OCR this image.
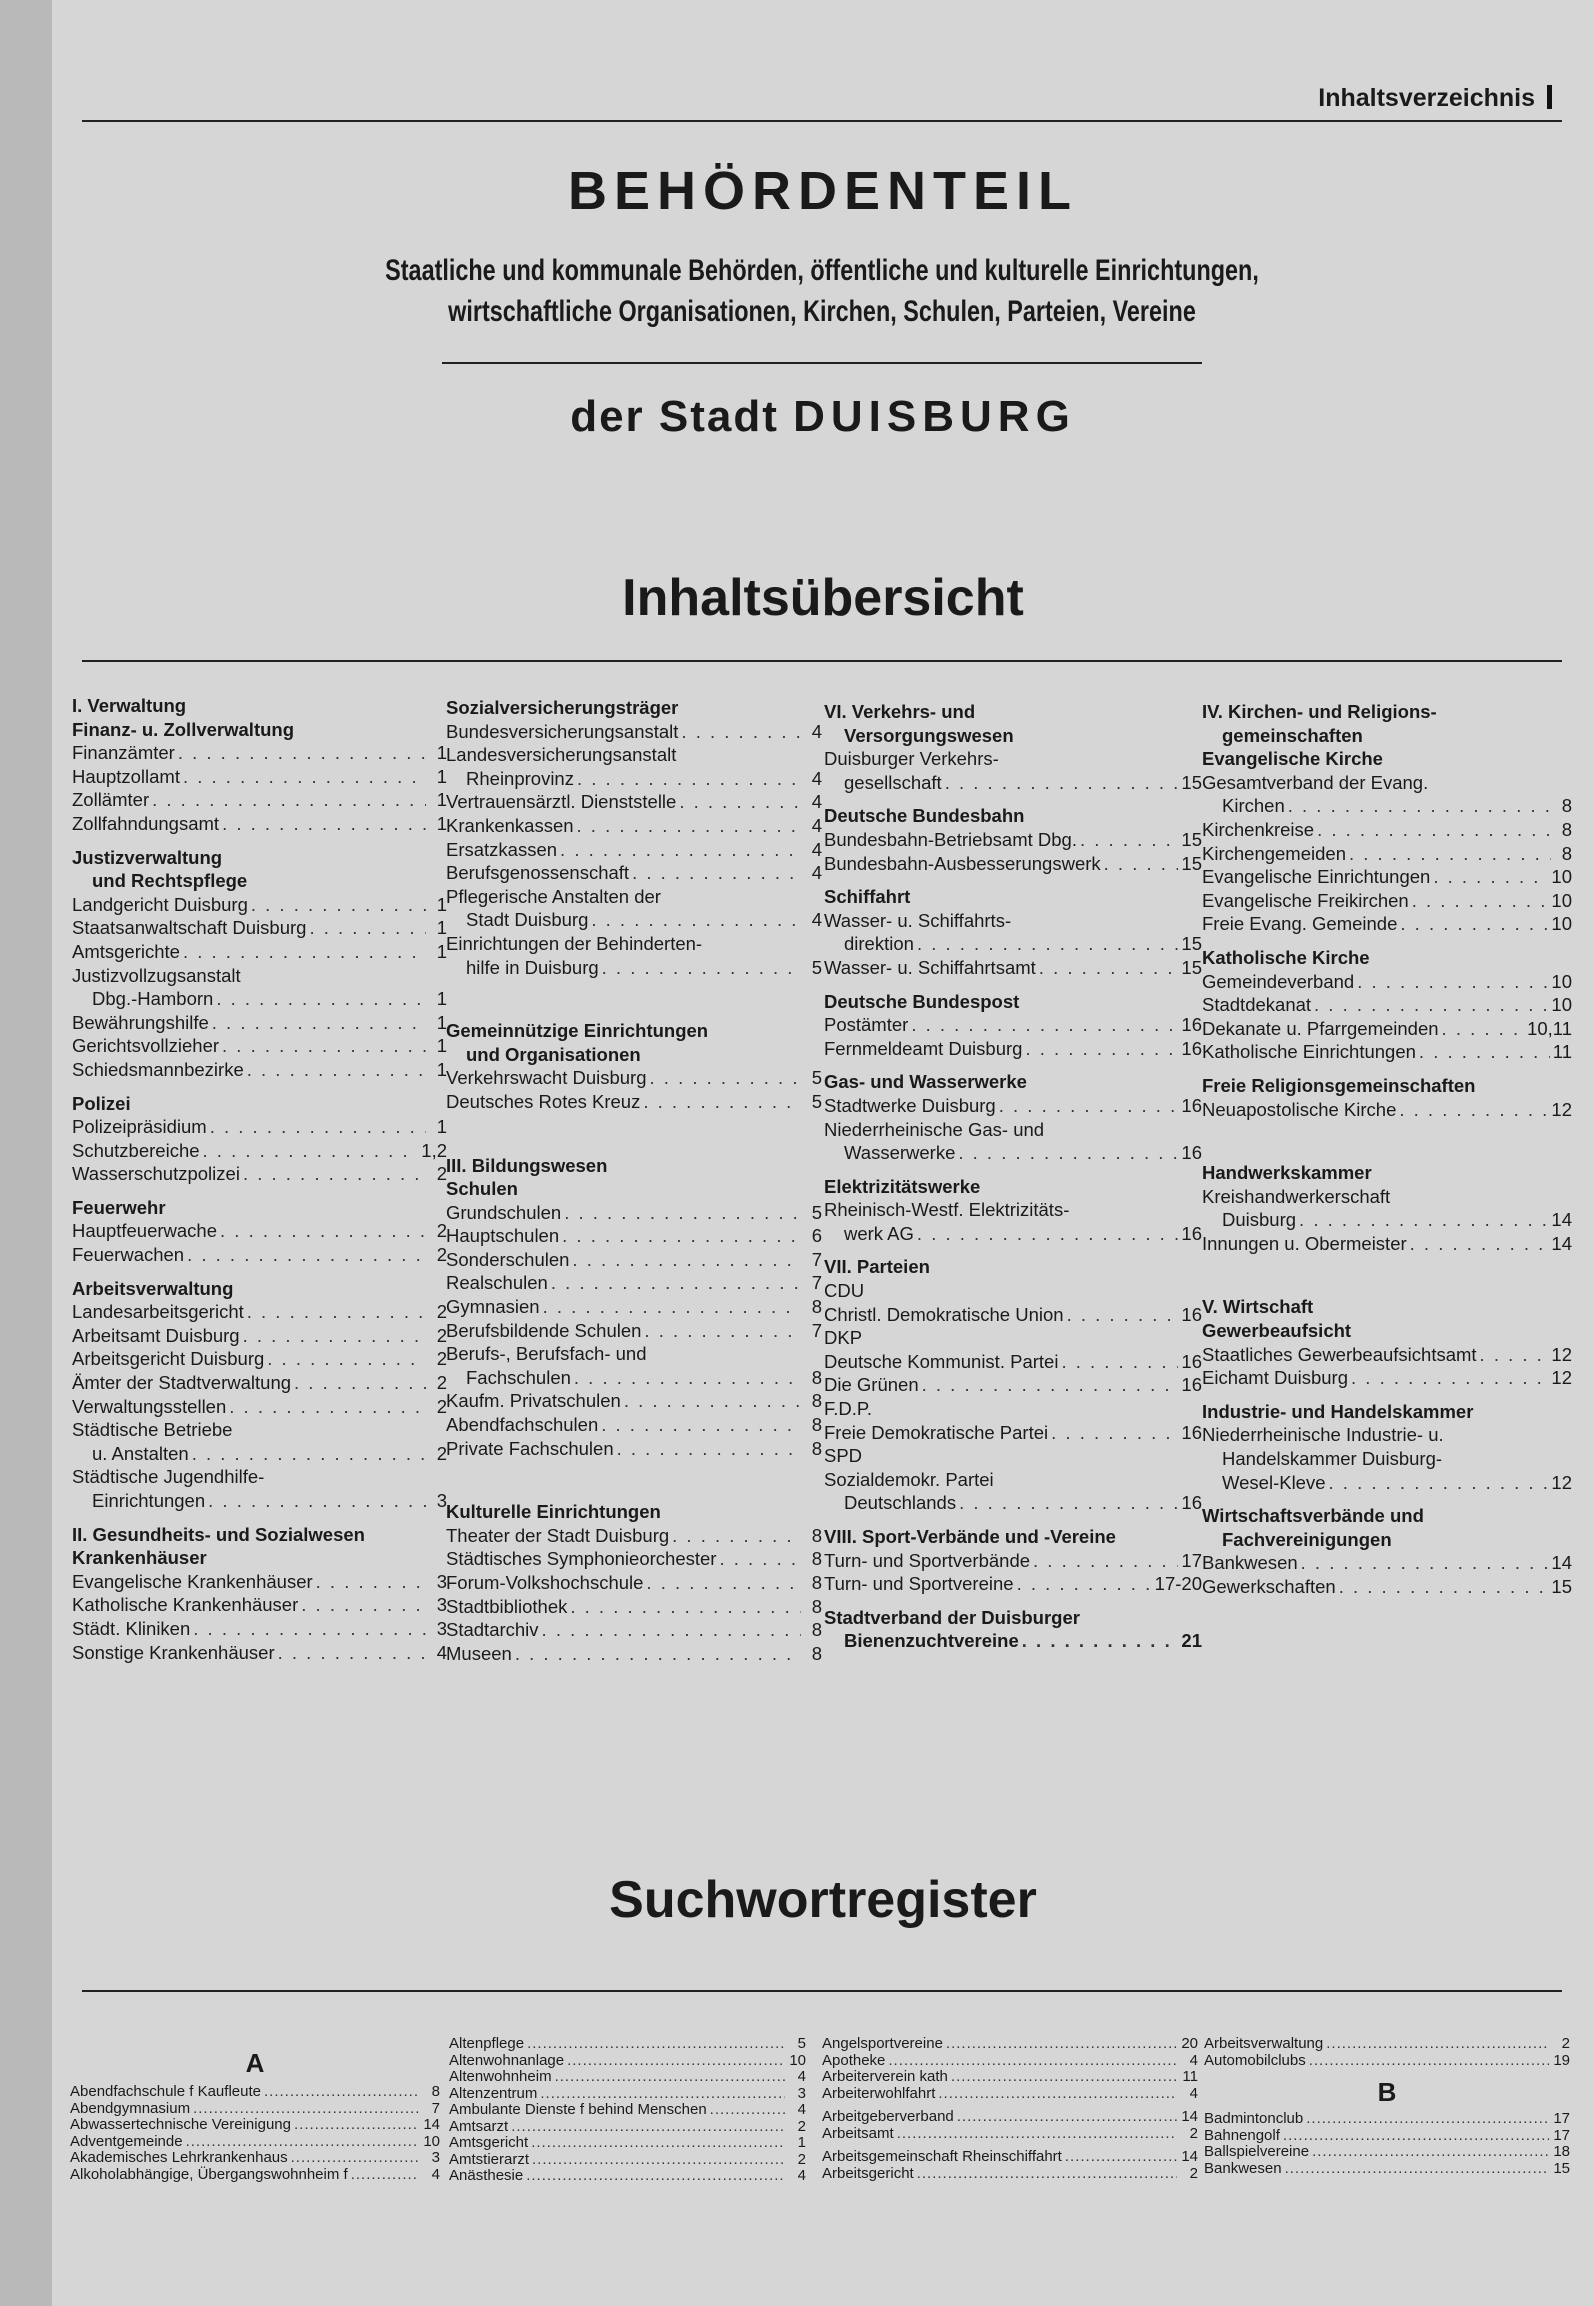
Inhaltsverzeichnis
BEHÖRDENTEIL
Staatliche und kommunale Behörden, öffentliche und kulturelle Einrichtungen,
wirtschaftliche Organisationen, Kirchen, Schulen, Parteien, Vereine
der Stadt DUISBURG
Inhaltsübersicht
I. Verwaltung
Finanz- u. Zollverwaltung
Finanzämter . . .	1
Hauptzollamt . . .	1
Zollämter . . .	1
Zollfahndungsamt . . .	1
Justizverwaltung
und Rechtspflege
Landgericht Duisburg . . .	1
Staatsanwaltschaft Duisburg . . .	1
Amtsgerichte . . .	1
Justizvollzugsanstalt
Dbg.-Hamborn . . .	1
Bewährungshilfe . . .	1
Gerichtsvollzieher . . .	1
Schiedsmannbezirke . . .	1
Polizei
Polizeipräsidium . . .	1
Schutzbereiche . . .	1,2
Wasserschutzpolizei . . .	2
Feuerwehr
Hauptfeuerwache . . .	2
Feuerwachen . . .	2
Arbeitsverwaltung
Landesarbeitsgericht . . .	2
Arbeitsamt Duisburg . . .	2
Arbeitsgericht Duisburg . . .	2
Ämter der Stadtverwaltung . . .	2
Verwaltungsstellen . . .	2
Städtische Betriebe
u. Anstalten . . .	2
Städtische Jugendhilfe-
Einrichtungen . . .	3
II. Gesundheits- und Sozialwesen
Krankenhäuser
Evangelische Krankenhäuser . . .	3
Katholische Krankenhäuser . . .	3
Städt. Kliniken . . .	3
Sonstige Krankenhäuser . . .	4
Sozialversicherungsträger
Bundesversicherungsanstalt . . .	4
Landesversicherungsanstalt
Rheinprovinz . . .	4
Vertrauensärztl. Dienststelle . . .	4
Krankenkassen . . .	4
Ersatzkassen . . .	4
Berufsgenossenschaft . . .	4
Pflegerische Anstalten der
Stadt Duisburg . . .	4
Einrichtungen der Behinderten-
hilfe in Duisburg . . .	5
Gemeinnützige Einrichtungen
und Organisationen
Verkehrswacht Duisburg . . .	5
Deutsches Rotes Kreuz . . .	5
III. Bildungswesen
Schulen
Grundschulen . . .	5
Hauptschulen . . .	6
Sonderschulen . . .	7
Realschulen . . .	7
Gymnasien . . .	8
Berufsbildende Schulen . . .	7
Berufs-, Berufsfach- und
Fachschulen . . .	8
Kaufm. Privatschulen . . .	8
Abendfachschulen . . .	8
Private Fachschulen . . .	8
Kulturelle Einrichtungen
Theater der Stadt Duisburg . . .	8
Städtisches Symphonieorchester . . .	8
Forum-Volkshochschule . . .	8
Stadtbibliothek . . .	8
Stadtarchiv . . .	8
Museen . . .	8
VI. Verkehrs- und
Versorgungswesen
Duisburger Verkehrs-
gesellschaft . . .	15
Deutsche Bundesbahn
Bundesbahn-Betriebsamt Dbg. . . .	15
Bundesbahn-Ausbesserungswerk . . .	15
Schiffahrt
Wasser- u. Schiffahrts-
direktion . . .	15
Wasser- u. Schiffahrtsamt . . .	15
Deutsche Bundespost
Postämter . . .	16
Fernmeldeamt Duisburg . . .	16
Gas- und Wasserwerke
Stadtwerke Duisburg . . .	16
Niederrheinische Gas- und
Wasserwerke . . .	16
Elektrizitätswerke
Rheinisch-Westf. Elektrizitäts-
werk AG . . .	16
VII. Parteien
CDU
Christl. Demokratische Union . . .	16
DKP
Deutsche Kommunist. Partei . . .	16
Die Grünen . . .	16
F.D.P.
Freie Demokratische Partei . . .	16
SPD
Sozialdemokr. Partei
Deutschlands . . .	16
VIII. Sport-Verbände und -Vereine
Turn- und Sportverbände . . .	17
Turn- und Sportvereine . . .	17-20
Stadtverband der Duisburger
Bienenzuchtvereine . . .	21
IV. Kirchen- und Religions-
gemeinschaften
Evangelische Kirche
Gesamtverband der Evang.
Kirchen . . .	8
Kirchenkreise . . .	8
Kirchengemeiden . . .	8
Evangelische Einrichtungen . . .	10
Evangelische Freikirchen . . .	10
Freie Evang. Gemeinde . . .	10
Katholische Kirche
Gemeindeverband . . .	10
Stadtdekanat . . .	10
Dekanate u. Pfarrgemeinden . . .	10,11
Katholische Einrichtungen . . .	11
Freie Religionsgemeinschaften
Neuapostolische Kirche . . .	12
Handwerkskammer
Kreishandwerkerschaft
Duisburg . . .	14
Innungen u. Obermeister . . .	14
V. Wirtschaft
Gewerbeaufsicht
Staatliches Gewerbeaufsichtsamt . . .	12
Eichamt Duisburg . . .	12
Industrie- und Handelskammer
Niederrheinische Industrie- u.
Handelskammer Duisburg-
Wesel-Kleve . . .	12
Wirtschaftsverbände und
Fachvereinigungen
Bankwesen . . .	14
Gewerkschaften . . .	15
Suchwortregister
A
Abendfachschule f Kaufleute .....	8
Abendgymnasium .....	7
Abwassertechnische Vereinigung .....	14
Adventgemeinde .....	10
Akademisches Lehrkrankenhaus .....	3
Alkoholabhängige, Übergangswohnheim f .....	4
Altenpflege .....	5
Altenwohnanlage .....	10
Altenwohnheim .....	4
Altenzentrum .....	3
Ambulante Dienste f behind Menschen .....	4
Amtsarzt .....	2
Amtsgericht .....	1
Amtstierarzt .....	2
Anästhesie .....	4
Angelsportvereine .....	20
Apotheke .....	4
Arbeiterverein kath .....	11
Arbeiterwohlfahrt .....	4
Arbeitgeberverband .....	14
Arbeitsamt .....	2
Arbeitsgemeinschaft Rheinschiffahrt .....	14
Arbeitsgericht .....	2
Arbeitsverwaltung .....	2
Automobilclubs .....	19
B
Badmintonclub .....	17
Bahnengolf .....	17
Ballspielvereine .....	18
Bankwesen .....	15
